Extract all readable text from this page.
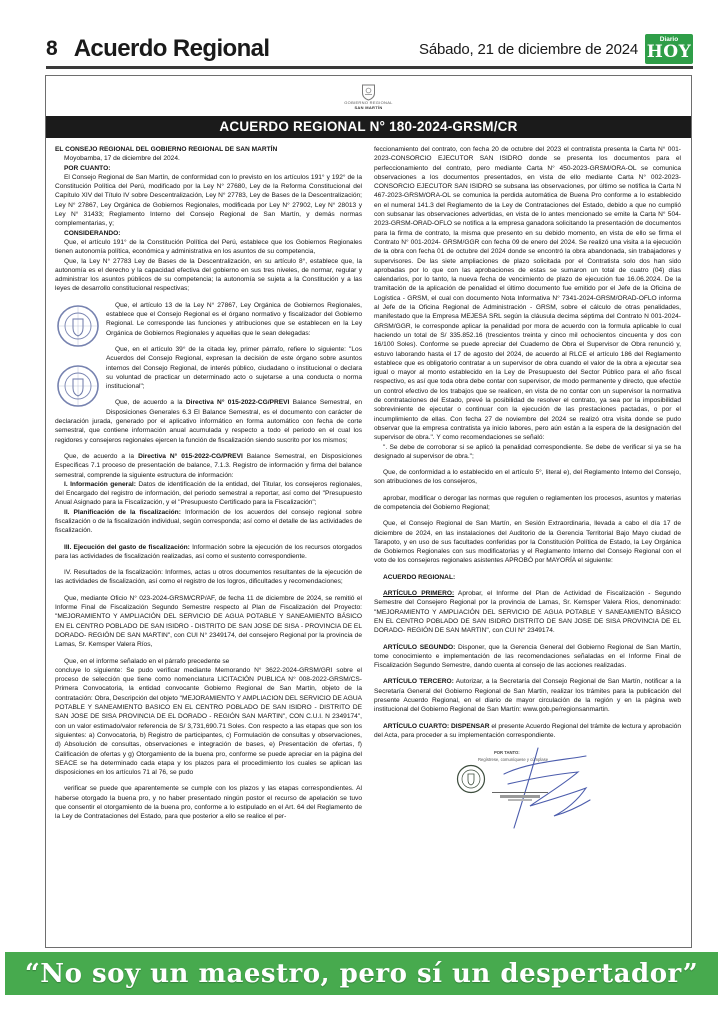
8 Acuerdo Regional	Sábado, 21 de diciembre de 2024
Diario
HOY
GOBIERNO REGIONAL
SAN MARTÍN
ACUERDO REGIONAL N° 180-2024-GRSM/CR

EL CONSEJO REGIONAL DEL GOBIERNO REGIONAL DE SAN MARTÍN

Moyobamba, 17 de diciembre del 2024.

POR CUANTO:

El Consejo Regional de San Martín, de conformidad con lo previsto en los artículos 191° y 192° de la Constitución Política del Perú, modificado por la Ley N° 27680, Ley de la Reforma Constitucional del Capítulo XIV del Título IV sobre Descentralización, Ley N° 27783, Ley de Bases de la Descentralización; Ley N° 27867, Ley Orgánica de Gobiernos Regionales, modificada por Ley N° 27902, Ley N° 28013 y Ley N° 31433; Reglamento Interno del Consejo Regional de San Martín, y demás normas complementarias, y;

CONSIDERANDO:

Que, el artículo 191° de la Constitución Política del Perú, establece que los Gobiernos Regionales tienen autonomía política, económica y administrativa en los asuntos de su competencia,

Que, la Ley N° 27783 Ley de Bases de la Descentralización, en su artículo 8°, establece que, la autonomía es el derecho y la capacidad efectiva del gobierno en sus tres niveles, de normar, regular y administrar los asuntos públicos de su competencia; la autonomía se sujeta a la Constitución y a las leyes de desarrollo constitucional respectivas;

Que, el artículo 13 de la Ley N° 27867, Ley Orgánica de Gobiernos Regionales, establece que el Consejo Regional es el órgano normativo y fiscalizador del Gobierno Regional. Le corresponde las funciones y atribuciones que se establecen en la Ley Orgánica de Gobiernos Regionales y aquellas que le sean delegadas:

Que, en el artículo 39° de la citada ley, primer párrafo, refiere lo siguiente: "Los Acuerdos del Consejo Regional, expresan la decisión de este órgano sobre asuntos internos del Consejo Regional, de interés público, ciudadano o institucional o declara su voluntad de practicar un determinado acto o sujetarse a una conducta o norma institucional";

Que, de acuerdo a la Directiva N° 015-2022-CG/PREVI Balance Semestral, en Disposiciones Generales 6.3 El Balance Semestral, es el documento con carácter de declaración jurada, generado por el aplicativo informático en forma automático con fecha de corte semestral, que contiene información anual acumulada y respecto a todo el periodo en el cual los regidores y consejeros regionales ejercen la función de fiscalización siendo suscrito por los mismos;

Que, de acuerdo a la Directiva N° 015-2022-CG/PREVI Balance Semestral, en Disposiciones Específicas 7.1 proceso de presentación de balance, 7.1.3. Registro de información y firma del balance semestral, comprende la siguiente estructura de información:

I. Información general: Datos de identificación de la entidad, del Titular, los consejeros regionales, del Encargado del registro de información, del periodo semestral a reportar, así como del "Presupuesto Anual Asignado para la Fiscalización, y el "Presupuesto Certificado para la Fiscalización";

II. Planificación de la fiscalización: Información de los acuerdos del consejo regional sobre fiscalización o de la fiscalización individual, según corresponda; así como el detalle de las actividades de fiscalización.

III. Ejecución del gasto de fiscalización: Información sobre la ejecución de los recursos otorgados para las actividades de fiscalización realizadas, así como el sustento correspondiente.

IV. Resultados de la fiscalización: Informes, actas u otros documentos resultantes de la ejecución de las actividades de fiscalización, así como el registro de los logros, dificultades y recomendaciones;

Que, mediante Oficio N° 023-2024-GRSM/CRP/AF, de fecha 11 de diciembre de 2024, se remitió el Informe Final de Fiscalización Segundo Semestre respecto al Plan de Fiscalización del Proyecto: "MEJORAMIENTO Y AMPLIACIÓN DEL SERVICIO DE AGUA POTABLE Y SANEAMIENTO BÁSICO EN EL CENTRO POBLADO DE SAN ISIDRO - DISTRITO DE SAN JOSE DE SISA - PROVINCIA DE EL DORADO- REGIÓN DE SAN MARTIN", con CUI N° 2349174, del consejero Regional por la provincia de Lamas, Sr. Kemsper Valera Ríos,

Que, en el informe señalado en el párrafo precedente se

concluye lo siguiente: Se pudo verificar mediante Memorando N° 3622-2024-GRSM/GRI sobre el proceso de selección que tiene como nomenclatura LICITACIÓN PUBLICA N° 008-2022-GRSM/CS- Primera Convocatoria, la entidad convocante Gobierno Regional de San Martín, objeto de la contratación: Obra, Descripción del objeto "MEJORAMIENTO Y AMPLIACION DEL SERVICIO DE AGUA POTABLE Y SANEAMIENTO BASICO EN EL CENTRO POBLADO DE SAN ISIDRO - DISTRITO DE SAN JOSE DE SISA PROVINCIA DE EL DORADO - REGIÓN SAN MARTIN", CON C.U.I. N 2349174", con un valor estimado/valor referencia de S/ 3,731,690.71 Soles. Con respecto a las etapas que son los siguientes: a) Convocatoria, b) Registro de participantes, c) Formulación de consultas y observaciones, d) Absolución de consultas, observaciones e integración de bases, e) Presentación de ofertas, f) Calificación de ofertas y g) Otorgamiento de la buena pro, conforme se puede apreciar en la página del SEACE se ha determinado cada etapa y los plazos para el procedimiento los cuales se aplican las disposiciones en los artículos 71 al 76, se pudo

verificar se puede que aparentemente se cumple con los plazos y las etapas correspondientes. Al haberse otorgado la buena pro, y no haber presentado ningún postor el recurso de apelación se tuvo que consentir el otorgamiento de la buena pro, conforme a lo estipulado en el Art. 64 del Reglamento de la Ley de Contrataciones del Estado, para que posterior a ello se realice el per-

feccionamiento del contrato, con fecha 20 de octubre del 2023 el contratista presenta la Carta N° 001-2023-CONSORCIO EJECUTOR SAN ISIDRO donde se presenta los documentos para el perfeccionamiento del contrato, pero mediante Carta N° 450-2023-GRSM/ORA-OL se comunica observaciones a los documentos presentados, en vista de ello mediante Carta N° 002-2023-CONSORCIO EJECUTOR SAN ISIDRO se subsana las observaciones, por último se notifica la Carta N 467-2023-GRSM/ORA-OL se comunica la perdida automática de Buena Pro conforme a lo establecido en el numeral 141.3 del Reglamento de la Ley de Contrataciones del Estado, debido a que no cumplió con subsanar las observaciones advertidas, en vista de lo antes mencionado se emite la Carta N° 504-2023-GRSM-ORAD-OFLO se notifica a la empresa ganadora solicitando la presentación de documentos para la firma de contrato, la misma que presento en su debido momento, en vista de ello se firma el Contrato N° 001-2024- GRSM/GGR con fecha 09 de enero del 2024. Se realizó una visita a la ejecución de la obra con fecha 01 de octubre del 2024 donde se encontró la obra abandonada, sin trabajadores y supervisores. De las siete ampliaciones de plazo solicitada por el Contratista solo dos han sido aprobadas por lo que con las aprobaciones de estas se sumaron un total de cuatro (04) días calendarios, por lo tanto, la nueva fecha de vencimiento de plazo de ejecución fue 16.06.2024. De la tramitación de la aplicación de penalidad el último documento fue emitido por el Jefe de la Oficina de Logística - GRSM, el cual con documento Nota Informativa N° 7341-2024-GRSM/ORAD-OFLO informa al Jefe de la Oficina Regional de Administración - GRSM, sobre el cálculo de otras penalidades, manifestado que la Empresa MEJESA SRL según la cláusula decima séptima del Contrato N 001-2024-GRSM/GGR, le corresponde aplicar la penalidad por mora de acuerdo con la formula aplicable lo cual haciendo un total de S/ 335.852.16 (trescientos treinta y cinco mil ochocientos cincuenta y dos con 16/100 Soles). Conforme se puede apreciar del Cuaderno de Obra el Supervisor de Obra renunció y, estuvo laborando hasta el 17 de agosto del 2024, de acuerdo al RLCE el artículo 186 del Reglamento establece que es obligatorio contratar a un supervisor de obra cuando el valor de la obra a ejecutar sea igual o mayor al monto establecido en la Ley de Presupuesto del Sector Público para el año fiscal respectivo, es así que toda obra debe contar con supervisor, de modo permanente y directo, que efectúe un control efectivo de los trabajos que se realicen, en vista de no contar con un supervisor la normativa de contrataciones del Estado, prevé la posibilidad de resolver el contrato, ya sea por la imposibilidad sobreviniente de ejecutar o continuar con la ejecución de las prestaciones pactadas, o por el incumplimiento de ellas. Con fecha 27 de noviembre del 2024 se realizó otra visita donde se pudo observar que la empresa contratista ya inicio labores, pero aún están a la espera de la designación del supervisor de obra.". Y como recomendaciones se señaló:

". Se debe de corroborar si se aplicó la penalidad correspondiente. Se debe de verificar si ya se ha designado al supervisor de obra.";

Que, de conformidad a lo establecido en el artículo 5°, literal e), del Reglamento Interno del Consejo, son atribuciones de los consejeros,

aprobar, modificar o derogar las normas que regulen o reglamenten los procesos, asuntos y materias de competencia del Gobierno Regional;

Que, el Consejo Regional de San Martín, en Sesión Extraordinaria, llevada a cabo el día 17 de diciembre de 2024, en las instalaciones del Auditorio de la Gerencia Territorial Bajo Mayo ciudad de Tarapoto, y en uso de sus facultades conferidas por la Constitución Política de Estado, la Ley Orgánica de Gobiernos Regionales con sus modificatorias y el Reglamento Interno del Consejo Regional con el voto de los consejeros regionales asistentes APROBÓ por MAYORÍA el siguiente:

ACUERDO REGIONAL:

ARTÍCULO PRIMERO: Aprobar, el Informe del Plan de Actividad de Fiscalización - Segundo Semestre del Consejero Regional por la provincia de Lamas, Sr. Kemsper Valera Ríos, denominado: "MEJORAMIENTO Y AMPLIACIÓN DEL SERVICIO DE AGUA POTABLE Y SANEAMIENTO BÁSICO EN EL CENTRO POBLADO DE SAN ISIDRO DISTRITO DE SAN JOSE DE SISA PROVINCIA DE EL DORADO- REGIÓN DE SAN MARTIN", con CUI N° 2349174.

ARTÍCULO SEGUNDO: Disponer, que la Gerencia General del Gobierno Regional de San Martín, tome conocimiento e implementación de las recomendaciones señaladas en el Informe Final de Fiscalización Segundo Semestre, dando cuenta al consejo de las acciones realizadas.

ARTÍCULO TERCERO: Autorizar, a la Secretaría del Consejo Regional de San Martín, notificar a la Secretaría General del Gobierno Regional de San Martín, realizar los trámites para la publicación del presente Acuerdo Regional, en el diario de mayor circulación de la región y en la página web institucional del Gobierno Regional de San Martín: www.gob.pe/regionsanmartin.

ARTÍCULO CUARTO: DISPENSAR el presente Acuerdo Regional del trámite de lectura y aprobación del Acta, para proceder a su implementación correspondiente.

POR TANTO:
Regístrese, comuníquese y cúmplase
“No soy un maestro, pero sí un despertador”
